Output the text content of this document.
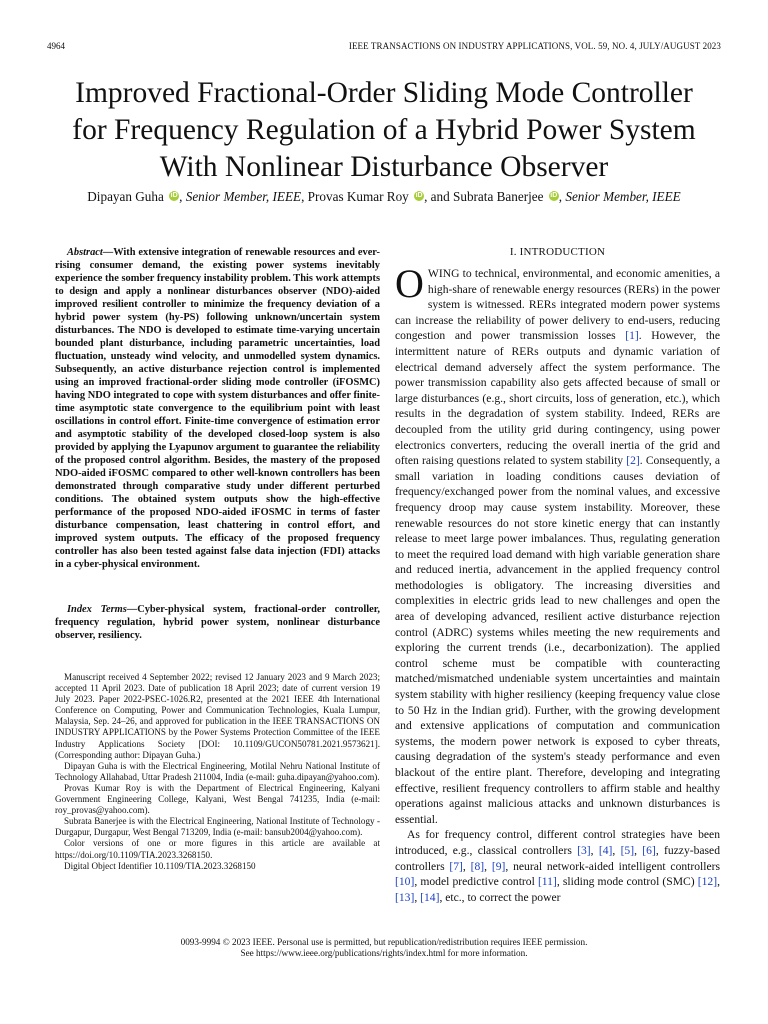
4964	IEEE TRANSACTIONS ON INDUSTRY APPLICATIONS, VOL. 59, NO. 4, JULY/AUGUST 2023
Improved Fractional-Order Sliding Mode Controller
for Frequency Regulation of a Hybrid Power System
With Nonlinear Disturbance Observer
Dipayan Guha iD , Senior Member, IEEE, Provas Kumar Roy iD , and Subrata Banerjee iD , Senior Member, IEEE

Abstract—With extensive integration of renewable resources and ever-rising consumer demand, the existing power systems inevitably experience the somber frequency instability problem. This work attempts to design and apply a nonlinear disturbances observer (NDO)-aided improved resilient controller to minimize the frequency deviation of a hybrid power system (hy-PS) following unknown/uncertain system disturbances. The NDO is developed to estimate time-varying uncertain bounded plant disturbance, including parametric uncertainties, load fluctuation, unsteady wind velocity, and unmodelled system dynamics. Subsequently, an active disturbance rejection control is implemented using an improved fractional-order sliding mode controller (iFOSMC) having NDO integrated to cope with system disturbances and offer finite-time asymptotic state convergence to the equilibrium point with least oscillations in control effort. Finite-time convergence of estimation error and asymptotic stability of the developed closed-loop system is also provided by applying the Lyapunov argument to guarantee the reliability of the proposed control algorithm. Besides, the mastery of the proposed NDO-aided iFOSMC compared to other well-known controllers has been demonstrated through comparative study under different perturbed conditions. The obtained system outputs show the high-effective performance of the proposed NDO-aided iFOSMC in terms of faster disturbance compensation, least chattering in control effort, and improved system outputs. The efficacy of the proposed frequency controller has also been tested against false data injection (FDI) attacks in a cyber-physical environment.

Index Terms—Cyber-physical system, fractional-order controller, frequency regulation, hybrid power system, nonlinear disturbance observer, resiliency.

Manuscript received 4 September 2022; revised 12 January 2023 and 9 March 2023; accepted 11 April 2023. Date of publication 18 April 2023; date of current version 19 July 2023. Paper 2022-PSEC-1026.R2, presented at the 2021 IEEE 4th International Conference on Computing, Power and Communication Technologies, Kuala Lumpur, Malaysia, Sep. 24–26, and approved for publication in the IEEE TRANSACTIONS ON INDUSTRY APPLICATIONS by the Power Systems Protection Committee of the IEEE Industry Applications Society [DOI: 10.1109/GUCON50781.2021.9573621]. (Corresponding author: Dipayan Guha.)

Dipayan Guha is with the Electrical Engineering, Motilal Nehru National Institute of Technology Allahabad, Uttar Pradesh 211004, India (e-mail: guha.dipayan@yahoo.com).

Provas Kumar Roy is with the Department of Electrical Engineering, Kalyani Government Engineering College, Kalyani, West Bengal 741235, India (e-mail: roy_provas@yahoo.com).

Subrata Banerjee is with the Electrical Engineering, National Institute of Technology -Durgapur, Durgapur, West Bengal 713209, India (e-mail: bansub2004@yahoo.com).

Color versions of one or more figures in this article are available at https://doi.org/10.1109/TIA.2023.3268150.

Digital Object Identifier 10.1109/TIA.2023.3268150

I. INTRODUCTION

OWING to technical, environmental, and economic amenities, a high-share of renewable energy resources (RERs) in the power system is witnessed. RERs integrated modern power systems can increase the reliability of power delivery to end-users, reducing congestion and power transmission losses [1]. However, the intermittent nature of RERs outputs and dynamic variation of electrical demand adversely affect the system performance. The power transmission capability also gets affected because of small or large disturbances (e.g., short circuits, loss of generation, etc.), which results in the degradation of system stability. Indeed, RERs are decoupled from the utility grid during contingency, using power electronics converters, reducing the overall inertia of the grid and often raising questions related to system stability [2]. Consequently, a small variation in loading conditions causes deviation of frequency/exchanged power from the nominal values, and excessive frequency droop may cause system instability. Moreover, these renewable resources do not store kinetic energy that can instantly release to meet large power imbalances. Thus, regulating generation to meet the required load demand with high variable generation share and reduced inertia, advancement in the applied frequency control methodologies is obligatory. The increasing diversities and complexities in electric grids lead to new challenges and open the area of developing advanced, resilient active disturbance rejection control (ADRC) systems whiles meeting the new requirements and exploring the current trends (i.e., decarbonization). The applied control scheme must be compatible with counteracting matched/mismatched undeniable system uncertainties and maintain system stability with higher resiliency (keeping frequency value close to 50 Hz in the Indian grid). Further, with the growing development and extensive applications of computation and communication systems, the modern power network is exposed to cyber threats, causing degradation of the system's steady performance and even blackout of the entire plant. Therefore, developing and integrating effective, resilient frequency controllers to affirm stable and healthy operations against malicious attacks and unknown disturbances is essential.

As for frequency control, different control strategies have been introduced, e.g., classical controllers [3], [4], [5], [6], fuzzy-based controllers [7], [8], [9], neural network-aided intelligent controllers [10], model predictive control [11], sliding mode control (SMC) [12], [13], [14], etc., to correct the power

0093-9994 © 2023 IEEE. Personal use is permitted, but republication/redistribution requires IEEE permission.
See https://www.ieee.org/publications/rights/index.html for more information.
